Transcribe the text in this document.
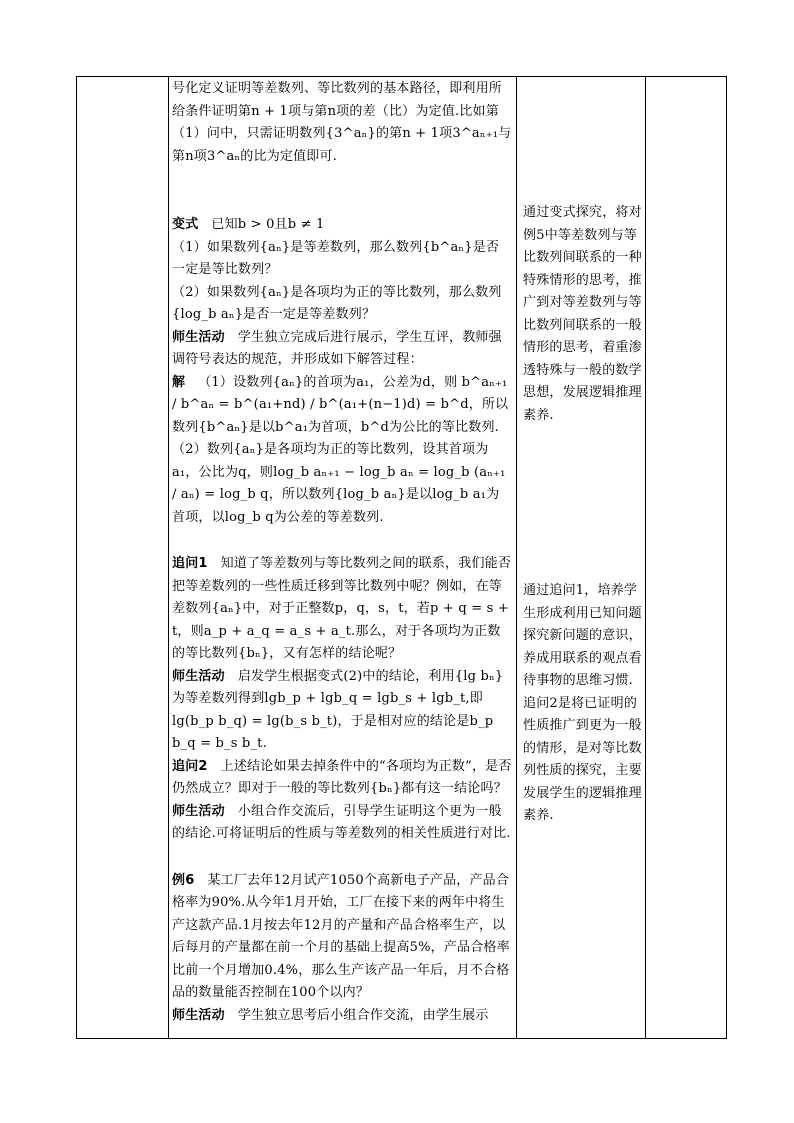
号化定义证明等差数列、等比数列的基本路径，即利用所给条件证明第n + 1项与第n项的差（比）为定值.比如第（1）问中，只需证明数列{3^aₙ}的第n + 1项3^aₙ₊₁与第n项3^aₙ的比为定值即可.

变式 已知b > 0且b ≠ 1

（1）如果数列{aₙ}是等差数列，那么数列{b^aₙ}是否一定是等比数列？

（2）如果数列{aₙ}是各项均为正的等比数列，那么数列{log_b aₙ}是否一定是等差数列？

师生活动 学生独立完成后进行展示，学生互评，教师强调符号表达的规范，并形成如下解答过程：

解 （1）设数列{aₙ}的首项为a₁，公差为d，则 b^aₙ₊₁ / b^aₙ = b^(a₁+nd) / b^(a₁+(n−1)d) = b^d，所以数列{b^aₙ}是以b^a₁为首项，b^d为公比的等比数列.

（2）数列{aₙ}是各项均为正的等比数列，设其首项为a₁，公比为q，则log_b aₙ₊₁ − log_b aₙ = log_b (aₙ₊₁ / aₙ) = log_b q，所以数列{log_b aₙ}是以log_b a₁为首项，以log_b q为公差的等差数列.

追问1 知道了等差数列与等比数列之间的联系，我们能否把等差数列的一些性质迁移到等比数列中呢？例如，在等差数列{aₙ}中，对于正整数p，q，s，t，若p + q = s + t，则a_p + a_q = a_s + a_t.那么，对于各项均为正数的等比数列{bₙ}，又有怎样的结论呢？

师生活动 启发学生根据变式(2)中的结论，利用{lg bₙ}为等差数列得到lgb_p + lgb_q = lgb_s + lgb_t,即lg(b_p b_q) = lg(b_s b_t)，于是相对应的结论是b_p b_q = b_s b_t.

追问2 上述结论如果去掉条件中的“各项均为正数”，是否仍然成立？即对于一般的等比数列{bₙ}都有这一结论吗？

师生活动 小组合作交流后，引导学生证明这个更为一般的结论.可将证明后的性质与等差数列的相关性质进行对比.

例6 某工厂去年12月试产1050个高新电子产品，产品合格率为90%.从今年1月开始，工厂在接下来的两年中将生产这款产品.1月按去年12月的产量和产品合格率生产，以后每月的产量都在前一个月的基础上提高5%，产品合格率比前一个月增加0.4%，那么生产该产品一年后，月不合格品的数量能否控制在100个以内？

师生活动 学生独立思考后小组合作交流，由学生展示

通过变式探究，将对例5中等差数列与等比数列间联系的一种特殊情形的思考，推广到对等差数列与等比数列间联系的一般情形的思考，着重渗透特殊与一般的数学思想，发展逻辑推理素养.

通过追问1，培养学生形成利用已知问题探究新问题的意识，养成用联系的观点看待事物的思维习惯.追问2是将已证明的性质推广到更为一般的情形，是对等比数列性质的探究，主要发展学生的逻辑推理素养.
